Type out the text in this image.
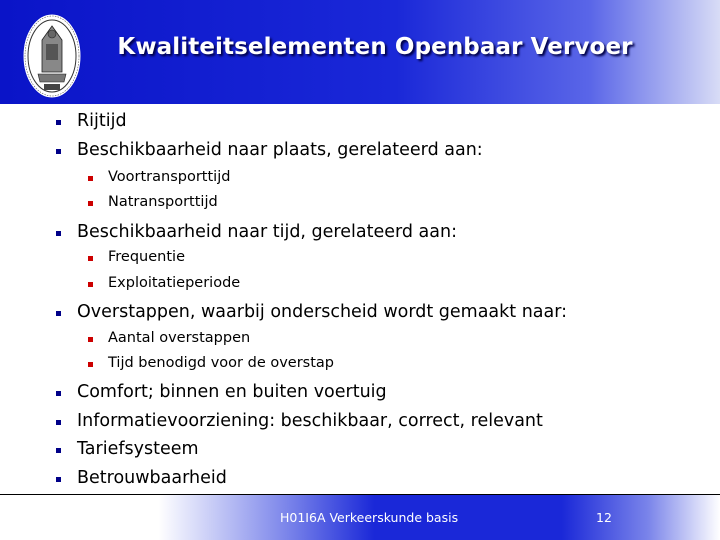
Kwaliteitselementen Openbaar Vervoer
Rijtijd
Beschikbaarheid naar plaats, gerelateerd aan:
Voortransporttijd
Natransporttijd
Beschikbaarheid naar tijd, gerelateerd aan:
Frequentie
Exploitatieperiode
Overstappen, waarbij onderscheid wordt gemaakt naar:
Aantal overstappen
Tijd benodigd voor de overstap
Comfort; binnen en buiten voertuig
Informatievoorziening: beschikbaar, correct, relevant
Tariefsysteem
Betrouwbaarheid
H01I6A Verkeerskunde basis	12
